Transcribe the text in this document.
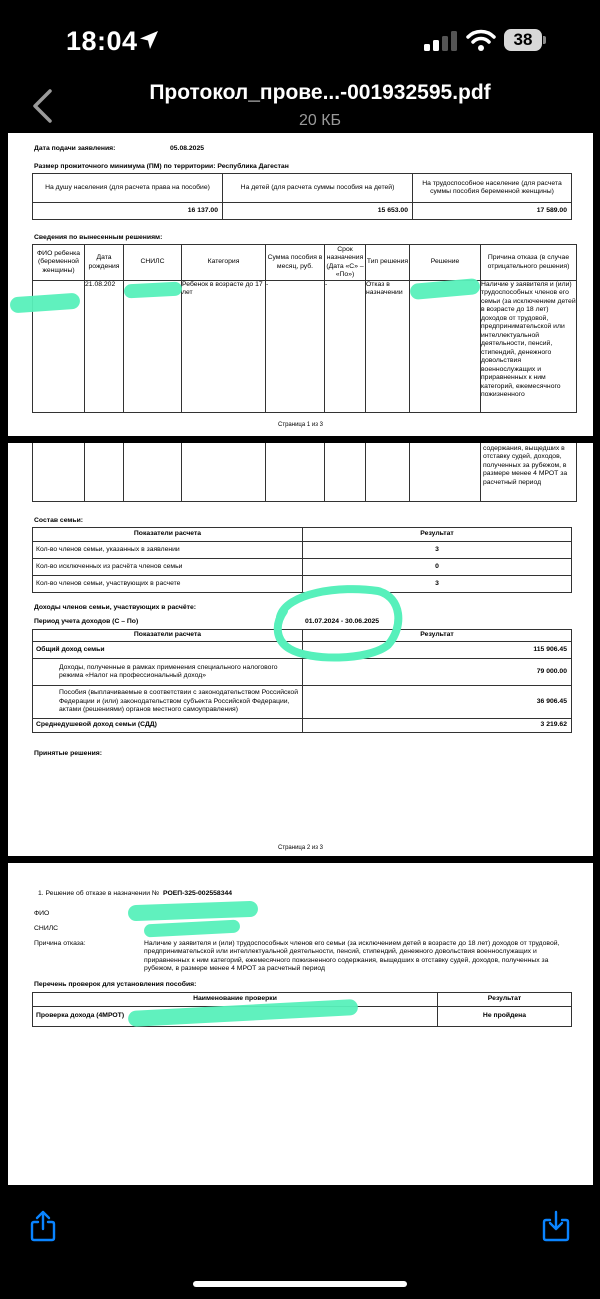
18:04	38
Протокол_прове...-001932595.pdf
20 КБ
Дата подачи заявления:	05.08.2025
Размер прожиточного минимума (ПМ) по территории: Республика Дагестан
На душу населения (для расчета права на пособие)	На детей (для расчета суммы пособия на детей)	На трудоспособное население (для расчета суммы пособия беременной женщины)
16 137.00	15 653.00	17 589.00
Сведения по вынесенным решениям:
ФИО ребенка (беременной женщины)	Дата рождения	СНИЛС	Категория	Сумма пособия в месяц, руб.	Срок назначения (Дата «С» – «По»)	Тип решения	Решение	Причина отказа (в случае отрицательного решения)
	21.08.202		Ребенок в возрасте до 17 лет	-	-	Отказ в назначении		Наличие у заявителя и (или) трудоспособных членов его семьи (за исключением детей в возрасте до 18 лет) доходов от трудовой, предпринимательской или интеллектуальной деятельности, пенсий, стипендий, денежного довольствия военнослужащих и приравненных к ним категорий, ежемесячного пожизненного
Страница 1 из 3
								содержания, выщедших в отставку судей, доходов, полученных за рубежом, в размере менее 4 МРОТ за расчетный период
Состав семьи:
Показатели расчета	Результат
Кол-во членов семьи, указанных в заявлении	3
Кол-во исключенных из расчёта членов семьи	0
Кол-во членов семьи, участвующих в расчете	3
Доходы членов семьи, участвующих в расчёте:
Период учета доходов (С – По)	01.07.2024 - 30.06.2025
Показатели расчета	Результат
Общий доход семьи	115 906.45
Доходы, полученные в рамках применения специального налогового режима «Налог на профессиональный доход»	79 000.00
Пособия (выплачиваемые в соответствии с законодательством Российской Федерации и (или) законодательством субъекта Российской Федерации, актами (решениями) органов местного самоуправления)	36 906.45
Среднедушевой доход семьи (СДД)	3 219.62
Принятые решения:
Страница 2 из 3
1. Решение об отказе в назначении № РОЕП-325-002558344
ФИО
СНИЛС
Причина отказа:	Наличие у заявителя и (или) трудоспособных членов его семьи (за исключением детей в возрасте до 18 лет) доходов от трудовой, предпринимательской или интеллектуальной деятельности, пенсий, стипендий, денежного довольствия военнослужащих и приравненных к ним категорий, ежемесячного пожизненного содержания, выщедших в отставку судей, доходов, полученных за рубежом, в размере менее 4 МРОТ за расчетный период
Перечень проверок для установления пособия:
Наименование проверки	Результат
Проверка дохода (4МРОТ)	Не пройдена
